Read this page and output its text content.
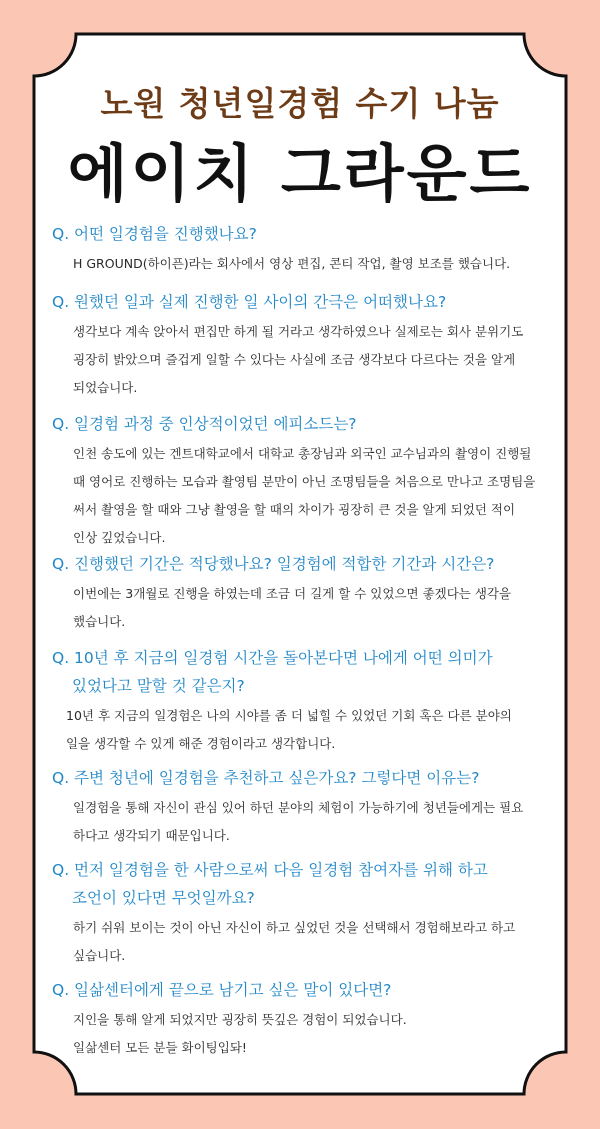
노원 청년일경험 수기 나눔
에이치 그라운드

Q. 어떤 일경험을 진행했나요?

H GROUND(하이픈)라는 회사에서 영상 편집, 콘티 작업, 촬영 보조를 했습니다.

Q. 원했던 일과 실제 진행한 일 사이의 간극은 어떠했나요?

생각보다 계속 앉아서 편집만 하게 될 거라고 생각하였으나 실제로는 회사 분위기도
굉장히 밝았으며 즐겁게 일할 수 있다는 사실에 조금 생각보다 다르다는 것을 알게
되었습니다.

Q. 일경험 과정 중 인상적이었던 에피소드는?

인천 송도에 있는 겐트대학교에서 대학교 총장님과 외국인 교수님과의 촬영이 진행될
때 영어로 진행하는 모습과 촬영팀 분만이 아닌 조명팀들을 처음으로 만나고 조명팀을
써서 촬영을 할 때와 그냥 촬영을 할 때의 차이가 굉장히 큰 것을 알게 되었던 적이
인상 깊었습니다.

Q. 진행했던 기간은 적당했나요? 일경험에 적합한 기간과 시간은?

이번에는 3개월로 진행을 하였는데 조금 더 길게 할 수 있었으면 좋겠다는 생각을
했습니다.

Q. 10년 후 지금의 일경험 시간을 돌아본다면 나에게 어떤 의미가
있었다고 말할 것 같은지?

10년 후 지금의 일경험은 나의 시야를 좀 더 넓힐 수 있었던 기회 혹은 다른 분야의
일을 생각할 수 있게 해준 경험이라고 생각합니다.

Q. 주변 청년에 일경험을 추천하고 싶은가요? 그렇다면 이유는?

일경험을 통해 자신이 관심 있어 하던 분야의 체험이 가능하기에 청년들에게는 필요
하다고 생각되기 때문입니다.

Q. 먼저 일경험을 한 사람으로써 다음 일경험 참여자를 위해 하고
조언이 있다면 무엇일까요?

하기 쉬워 보이는 것이 아닌 자신이 하고 싶었던 것을 선택해서 경험해보라고 하고
싶습니다.

Q. 일삶센터에게 끝으로 남기고 싶은 말이 있다면?

지인을 통해 알게 되었지만 굉장히 뜻깊은 경험이 되었습니다.
일삶센터 모든 분들 화이팅입돠!
